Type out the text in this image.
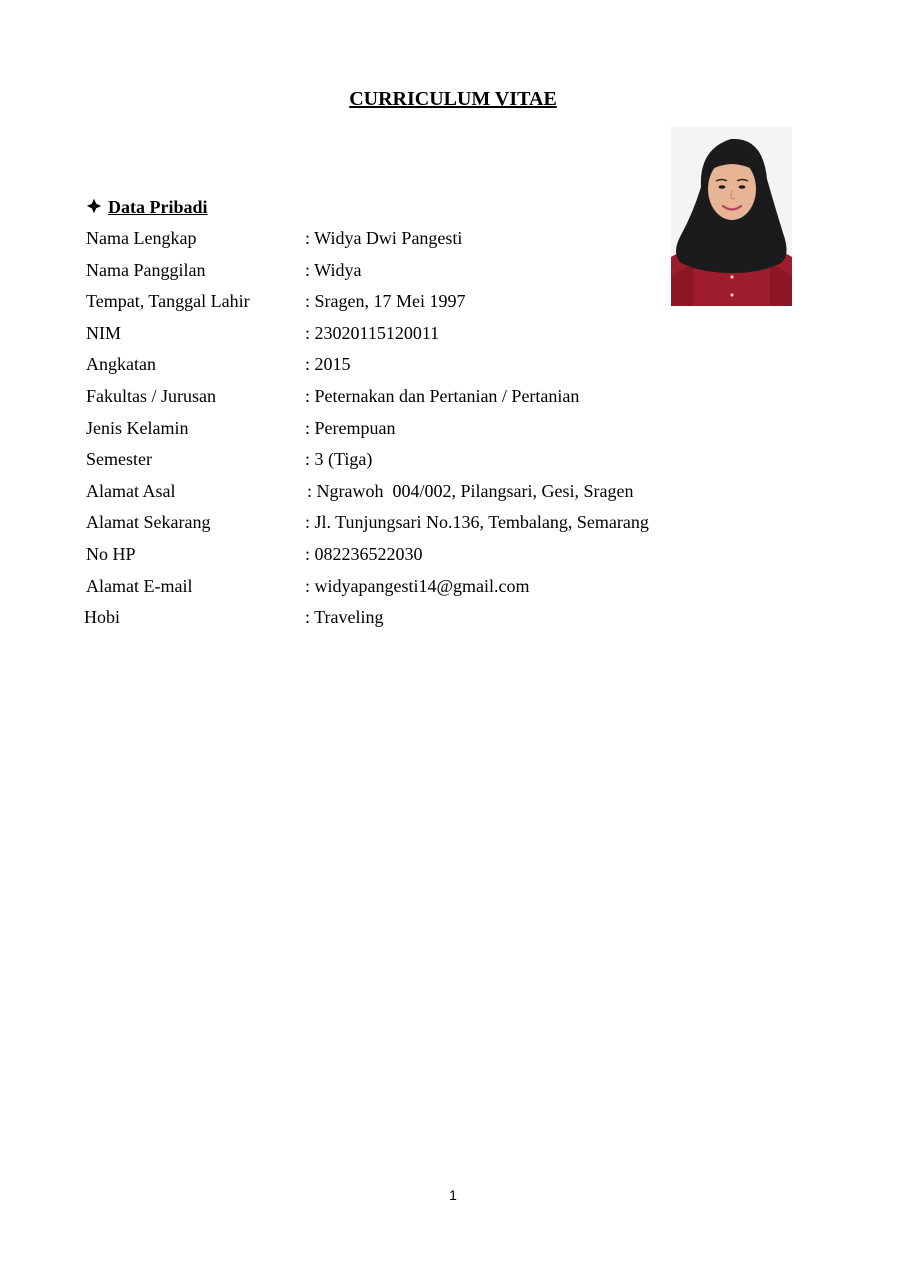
CURRICULUM VITAE
Data Pribadi
Nama Lengkap	: Widya Dwi Pangesti
Nama Panggilan	: Widya
Tempat, Tanggal Lahir	: Sragen, 17 Mei 1997
NIM	: 23020115120011
Angkatan	: 2015
Fakultas / Jurusan	: Peternakan dan Pertanian / Pertanian
Jenis Kelamin	: Perempuan
Semester	: 3 (Tiga)
Alamat Asal	: Ngrawoh  004/002, Pilangsari, Gesi, Sragen
Alamat Sekarang	: Jl. Tunjungsari No.136, Tembalang, Semarang
No HP	: 082236522030
Alamat E-mail	: widyapangesti14@gmail.com
Hobi	: Traveling
1
